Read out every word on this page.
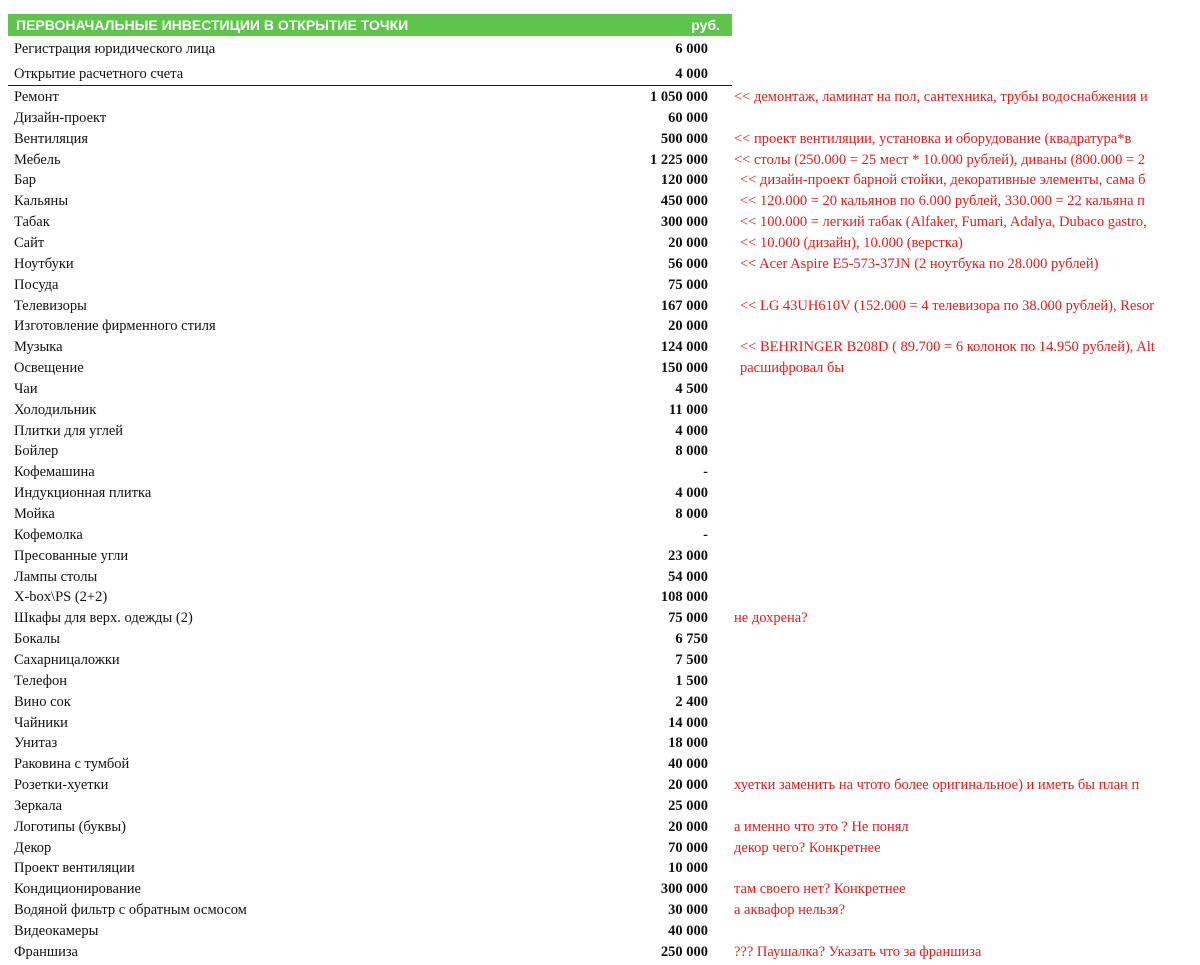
ПЕРВОНАЧАЛЬНЫЕ ИНВЕСТИЦИИ В ОТКРЫТИЕ ТОЧКИ	руб.
Регистрация юридического лица	6 000
Открытие расчетного счета	4 000
Ремонт	1 050 000 << демонтаж, ламинат на пол, сантехника, трубы водоснабжения и
Дизайн-проект	60 000
Вентиляция	500 000 << проект вентиляции, установка и оборудование (квадратура*в
Мебель	1 225 000 << столы (250.000 = 25 мест * 10.000 рублей), диваны (800.000 = 2
Бар	120 000 << дизайн-проект барной стойки, декоративные элементы, сама б
Кальяны	450 000 << 120.000 = 20 кальянов по 6.000 рублей, 330.000 = 22 кальяна п
Табак	300 000 << 100.000 = легкий табак (Alfaker, Fumari, Adalya, Dubaco gastro,
Сайт	20 000 << 10.000 (дизайн), 10.000 (верстка)
Ноутбуки	56 000 << Acer Aspire E5-573-37JN (2 ноутбука по 28.000 рублей)
Посуда	75 000
Телевизоры	167 000 << LG 43UH610V (152.000 = 4 телевизора по 38.000 рублей), Resor
Изготовление фирменного стиля	20 000
Музыка	124 000 << BEHRINGER B208D ( 89.700 = 6 колонок по 14.950 рублей), Alt
Освещение	150 000 расшифровал бы
Чаи	4 500
Холодильник	11 000
Плитки для углей	4 000
Бойлер	8 000
Кофемашина	-
Индукционная плитка	4 000
Мойка	8 000
Кофемолка	-
Пресованные угли	23 000
Лампы столы	54 000
X-box\PS (2+2)	108 000
Шкафы для верх. одежды (2)	75 000 не дохрена?
Бокалы	6 750
Сахарницаложки	7 500
Телефон	1 500
Вино сок	2 400
Чайники	14 000
Унитаз	18 000
Раковина с тумбой	40 000
Розетки-хуетки	20 000 хуетки заменить на чтото более оригинальное) и иметь бы план п
Зеркала	25 000
Логотипы (буквы)	20 000 а именно что это ? Не понял
Декор	70 000 декор чего? Конкретнее
Проект вентиляции	10 000
Кондиционирование	300 000 там своего нет? Конкретнее
Водяной фильтр с обратным осмосом	30 000 а аквафор нельзя?
Видеокамеры	40 000
Франшиза	250 000 ??? Паушалка? Указать что за франшиза
